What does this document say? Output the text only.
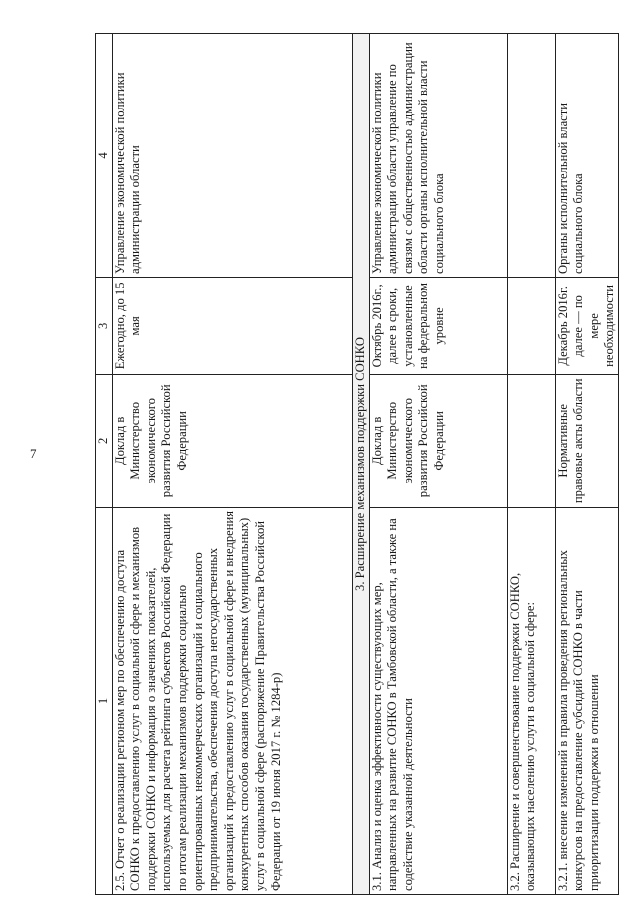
7
1	2	3	4
2.5. Отчет о реализации регионом мер по обеспечению доступа СОНКО к предоставлению услуг в социальной сфере и механизмов поддержки СОНКО и информация о значениях показателей, используемых для расчета рейтинга субъектов Российской Федерации по итогам реализации механизмов поддержки социально ориентированных некоммерческих организаций и социального предпринимательства, обеспечения доступа негосударственных организаций к предоставлению услуг в социальной сфере и внедрения конкурентных способов оказания государственных (муниципальных) услуг в социальной сфере (распоряжение Правительства Российской Федерации от 19 июня 2017 г. № 1284-р)	Доклад в Министерство экономического развития Российской Федерации	Ежегодно, до 15 мая	Управление экономической политики администрации области
3. Расширение механизмов поддержки СОНКО			
3.1. Анализ и оценка эффективности существующих мер, направленных на развитие СОНКО в Тамбовской области, а также на содействие указанной деятельности	Доклад в Министерство экономического развития Российской Федерации	Октябрь 2016г., далее в сроки, установленные на федеральном уровне	Управление экономической политики администрации области управление по связям с общественностью администрации области органы исполнительной власти социального блока
3.2. Расширение и совершенствование поддержки СОНКО, оказывающих населению услуги в социальной сфере:			
3.2.1. внесение изменений в правила проведения региональных конкурсов на предоставление субсидий СОНКО в части приоритизации поддержки в отношении	Нормативные правовые акты области	Декабрь 2016г. далее — по мере необходимости	Органы исполнительной власти социального блока
